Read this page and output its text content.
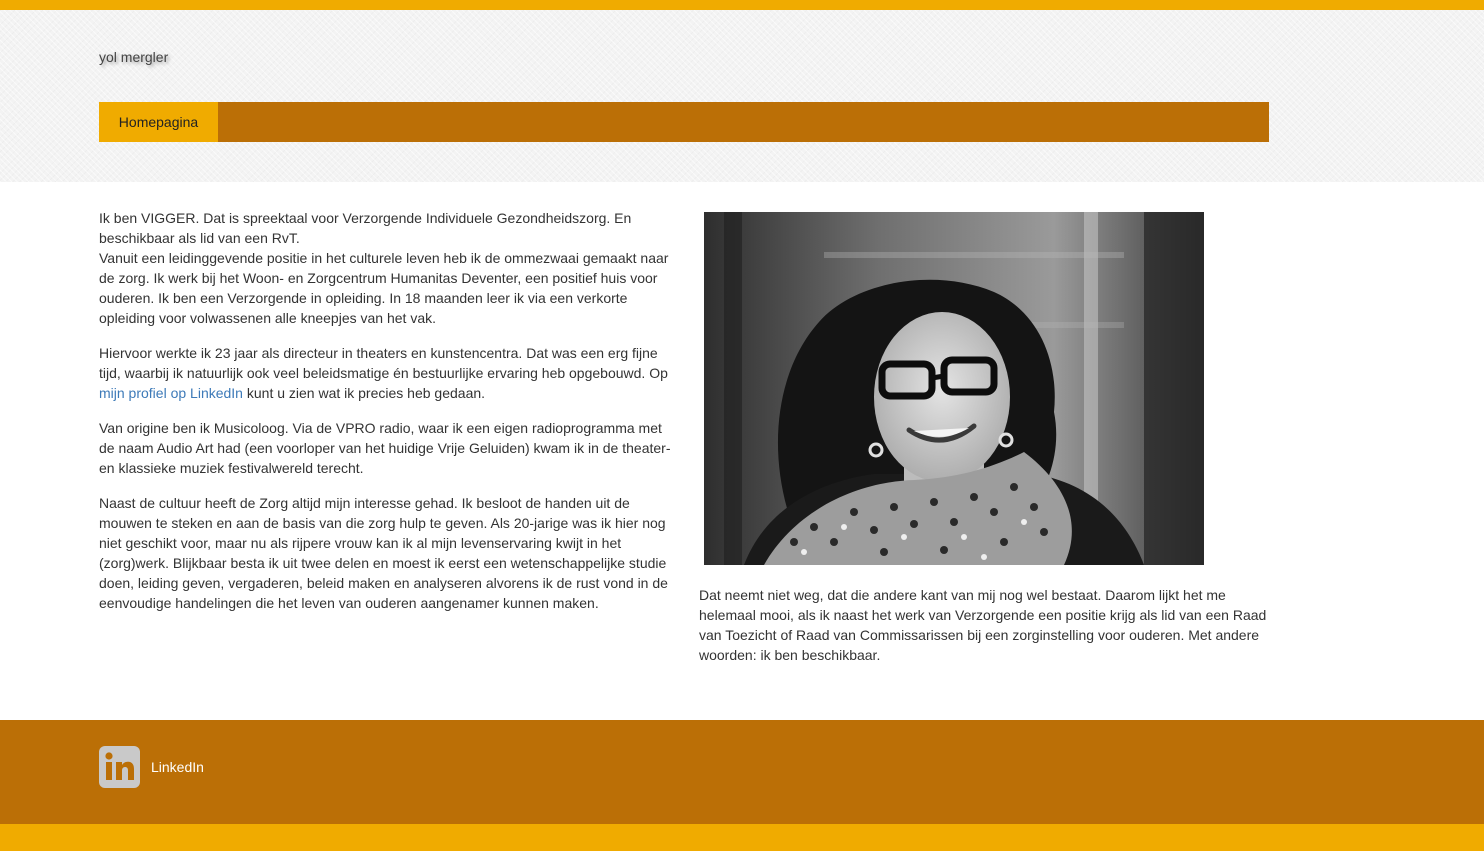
yol mergler
Homepagina

Ik ben VIGGER. Dat is spreektaal voor Verzorgende Individuele Gezondheidszorg. En beschikbaar als lid van een RvT.
Vanuit een leidinggevende positie in het culturele leven heb ik de ommezwaai gemaakt naar de zorg. Ik werk bij het Woon- en Zorgcentrum Humanitas Deventer, een positief huis voor ouderen. Ik ben een Verzorgende in opleiding. In 18 maanden leer ik via een verkorte opleiding voor volwassenen alle kneepjes van het vak.

Hiervoor werkte ik 23 jaar als directeur in theaters en kunstencentra. Dat was een erg fijne tijd, waarbij ik natuurlijk ook veel beleidsmatige én bestuurlijke ervaring heb opgebouwd. Op mijn profiel op LinkedIn kunt u zien wat ik precies heb gedaan.

Van origine ben ik Musicoloog. Via de VPRO radio, waar ik een eigen radioprogramma met de naam Audio Art had (een voorloper van het huidige Vrije Geluiden) kwam ik in de theater- en klassieke muziek festivalwereld terecht.

Naast de cultuur heeft de Zorg altijd mijn interesse gehad. Ik besloot de handen uit de mouwen te steken en aan de basis van die zorg hulp te geven. Als 20-jarige was ik hier nog niet geschikt voor, maar nu als rijpere vrouw kan ik al mijn levenservaring kwijt in het (zorg)werk. Blijkbaar besta ik uit twee delen en moest ik eerst een wetenschappelijke studie doen, leiding geven, vergaderen, beleid maken en analyseren alvorens ik de rust vond in de eenvoudige handelingen die het leven van ouderen aangenamer kunnen maken.	Dat neemt niet weg, dat die andere kant van mij nog wel bestaat. Daarom lijkt het me helemaal mooi, als ik naast het werk van Verzorgende een positie krijg als lid van een Raad van Toezicht of Raad van Commissarissen bij een zorginstelling voor ouderen. Met andere woorden: ik ben beschikbaar.

LinkedIn
